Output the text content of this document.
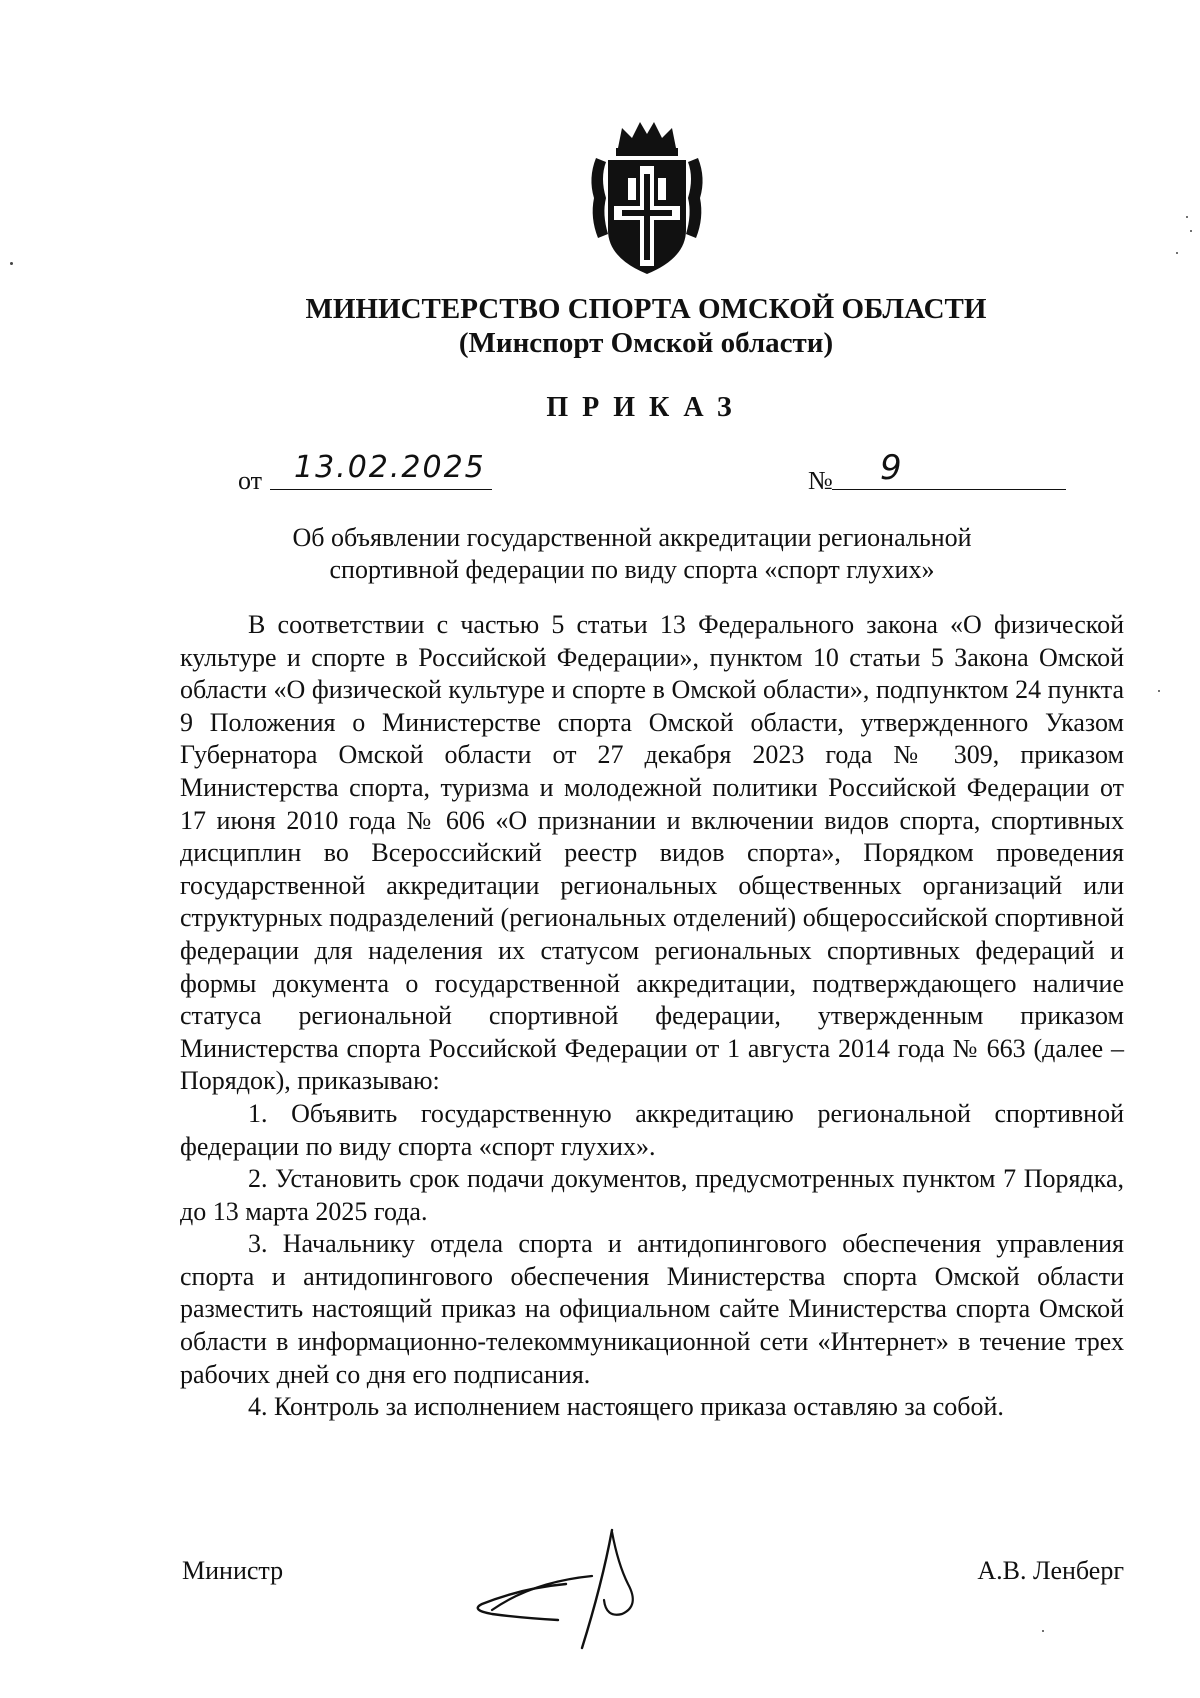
МИНИСТЕРСТВО СПОРТА ОМСКОЙ ОБЛАСТИ
(Минспорт Омской области)
ПРИКАЗ
от 13.02.2025	№ 9
Об объявлении государственной аккредитации региональной
спортивной федерации по виду спорта «спорт глухих»

В соответствии с частью 5 статьи 13 Федерального закона «О физической культуре и спорте в Российской Федерации», пунктом 10 статьи 5 Закона Омской области «О физической культуре и спорте в Омской области», подпунктом 24 пункта 9 Положения о Министерстве спорта Омской области, утвержденного Указом Губернатора Омской области от 27 декабря 2023 года № 309, приказом Министерства спорта, туризма и молодежной политики Российской Федерации от 17 июня 2010 года № 606 «О признании и включении видов спорта, спортивных дисциплин во Всероссийский реестр видов спорта», Порядком проведения государственной аккредитации региональных общественных организаций или структурных подразделений (региональных отделений) общероссийской спортивной федерации для наделения их статусом региональных спортивных федераций и формы документа о государственной аккредитации, подтверждающего наличие статуса региональной спортивной федерации, утвержденным приказом Министерства спорта Российской Федерации от 1 августа 2014 года № 663 (далее – Порядок), приказываю:

1. Объявить государственную аккредитацию региональной спортивной федерации по виду спорта «спорт глухих».

2. Установить срок подачи документов, предусмотренных пунктом 7 Порядка, до 13 марта 2025 года.

3. Начальнику отдела спорта и антидопингового обеспечения управления спорта и антидопингового обеспечения Министерства спорта Омской области разместить настоящий приказ на официальном сайте Министерства спорта Омской области в информационно-телекоммуникационной сети «Интернет» в течение трех рабочих дней со дня его подписания.

4. Контроль за исполнением настоящего приказа оставляю за собой.

Министр	А.В. Ленберг
